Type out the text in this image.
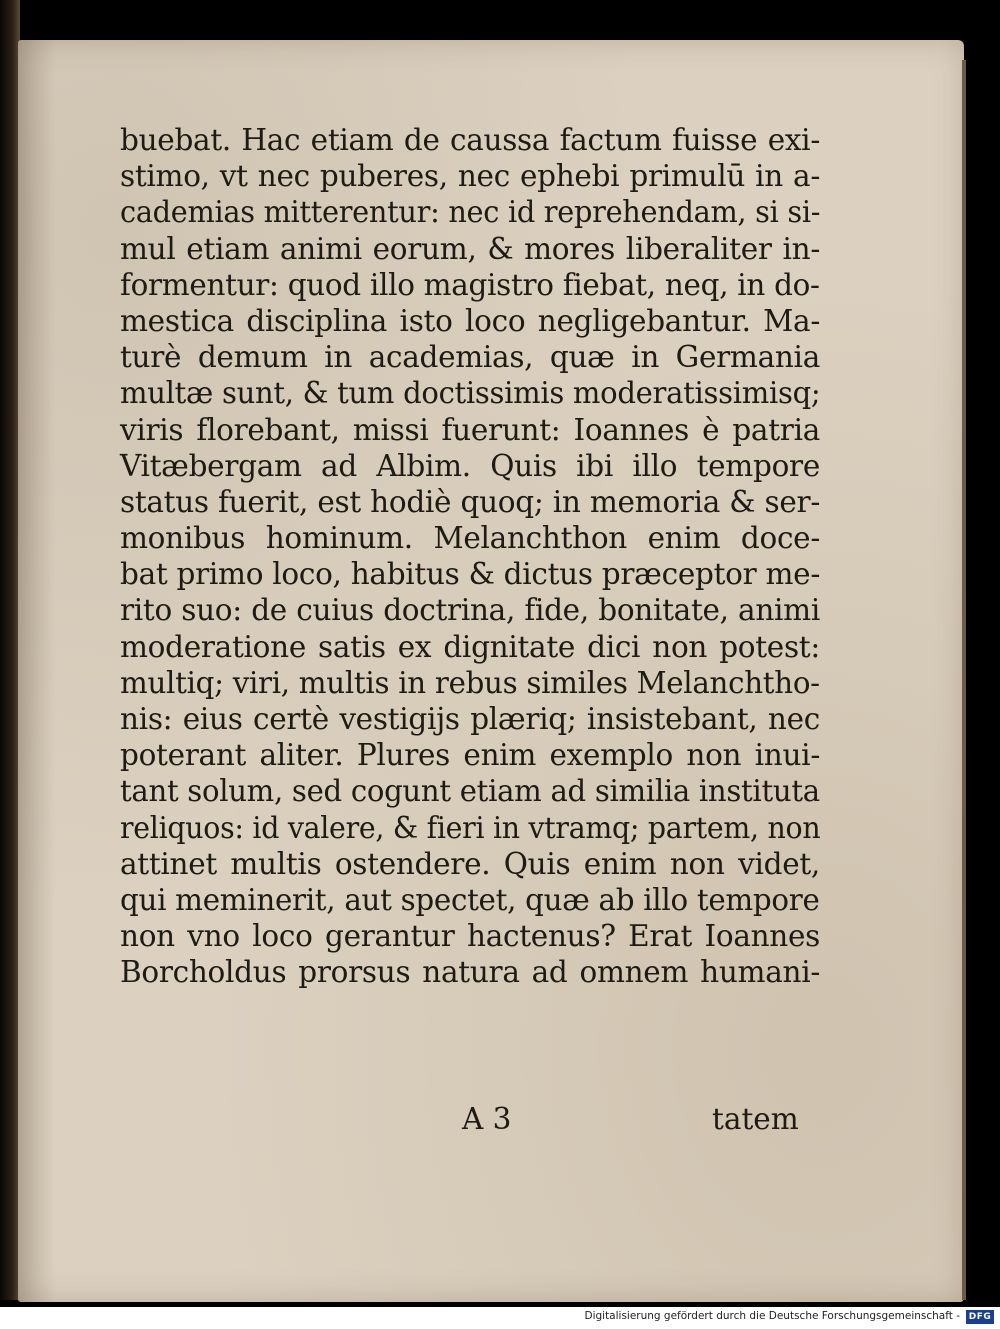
buebat. Hac etiam de caussa factum fuisse exi-
stimo, vt nec puberes, nec ephebi primulū in a-
cademias mitterentur: nec id reprehendam, si si-
mul etiam animi eorum, & mores liberaliter in-
formentur: quod illo magistro fiebat, neq, in do-
mestica disciplina isto loco negligebantur. Ma-
turè demum in academias, quæ in Germania
multæ sunt, & tum doctissimis moderatissimisq;
viris florebant, missi fuerunt: Ioannes è patria
Vitæbergam ad Albim. Quis ibi illo tempore
status fuerit, est hodiè quoq; in memoria & ser-
monibus hominum. Melanchthon enim doce-
bat primo loco, habitus & dictus præceptor me-
rito suo: de cuius doctrina, fide, bonitate, animi
moderatione satis ex dignitate dici non potest:
multiq; viri, multis in rebus similes Melanchtho-
nis: eius certè vestigijs plæriq; insistebant, nec
poterant aliter. Plures enim exemplo non inui-
tant solum, sed cogunt etiam ad similia institutareliquos: id valere, & fieri in vtramq; partem, non
attinet multis ostendere. Quis enim non videt,
qui meminerit, aut spectet, quæ ab illo tempore
non vno loco gerantur hactenus? Erat Ioannes
Borcholdus prorsus natura ad omnem humani-
A 3	tatem
Digitalisierung gefördert durch die Deutsche Forschungsgemeinschaft - DFG
